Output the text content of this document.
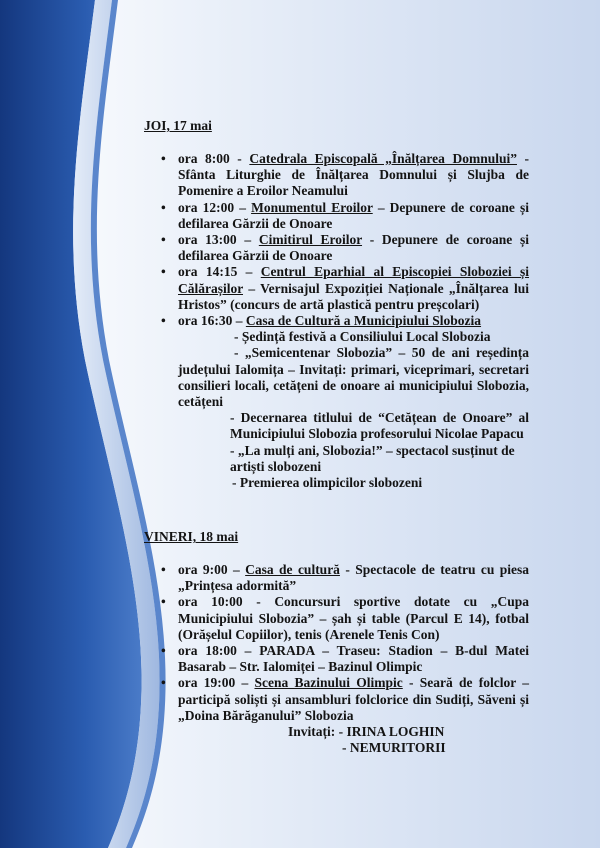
JOI, 17 mai
• ora 8:00 - Catedrala Episcopală „Înălțarea Domnului” - Sfânta Liturghie de Înălțarea Domnului și Slujba de Pomenire a Eroilor Neamului
• ora 12:00 – Monumentul Eroilor – Depunere de coroane și defilarea Gărzii de Onoare
• ora 13:00 – Cimitirul Eroilor - Depunere de coroane și defilarea Gărzii de Onoare
• ora 14:15 – Centrul Eparhial al Episcopiei Sloboziei și Călărașilor – Vernisajul Expoziției Naționale „Înălțarea lui Hristos” (concurs de artă plastică pentru preșcolari)
• ora 16:30 – Casa de Cultură a Municipiului Slobozia
- Ședință festivă a Consiliului Local Slobozia
- „Semicentenar Slobozia” – 50 de ani reședința județului Ialomița – Invitați: primari, viceprimari, secretari consilieri locali, cetățeni de onoare ai municipiului Slobozia, cetățeni
- Decernarea titlului de “Cetățean de Onoare” al Municipiului Slobozia profesorului Nicolae Papacu
- „La mulți ani, Slobozia!” – spectacol susținut de artiști slobozeni
- Premierea olimpicilor slobozeni
VINERI, 18 mai
• ora 9:00 – Casa de cultură - Spectacole de teatru cu piesa „Prințesa adormită”
• ora 10:00 - Concursuri sportive dotate cu „Cupa Municipiului Slobozia” – șah și table (Parcul E 14), fotbal (Orășelul Copiilor), tenis (Arenele Tenis Con)
• ora 18:00 – PARADA – Traseu: Stadion – B-dul Matei Basarab – Str. Ialomiței – Bazinul Olimpic
• ora 19:00 – Scena Bazinului Olimpic - Seară de folclor – participă soliști și ansambluri folclorice din Sudiți, Săveni și „Doina Bărăganului” Slobozia
Invitați: - IRINA LOGHIN
- NEMURITORII
